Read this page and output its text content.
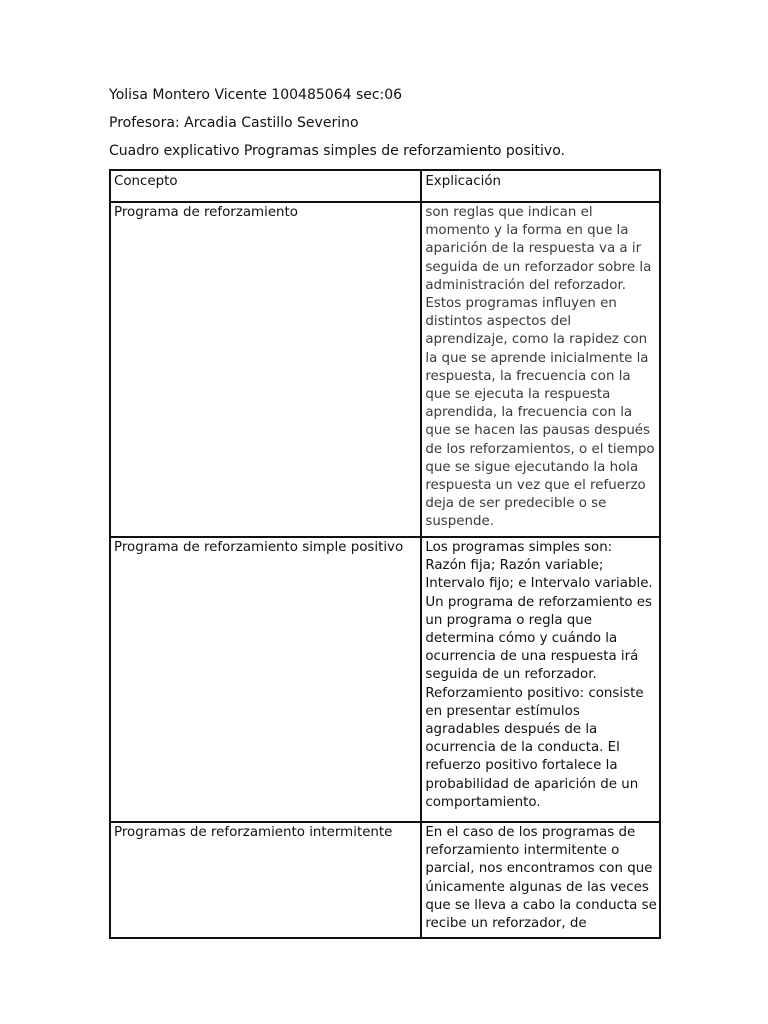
Yolisa Montero Vicente 100485064 sec:06
Profesora: Arcadia Castillo Severino
Cuadro explicativo Programas simples de reforzamiento positivo.
Concepto	Explicación

Programa de reforzamiento	son reglas que indican el momento y la forma en que la aparición de la respuesta va a ir seguida de un reforzador sobre la administración del reforzador. Estos programas influyen en distintos aspectos del aprendizaje, como la rapidez con la que se aprende inicialmente la respuesta, la frecuencia con la que se ejecuta la respuesta aprendida, la frecuencia con la que se hacen las pausas después de los reforzamientos, o el tiempo que se sigue ejecutando la hola respuesta un vez que el refuerzo deja de ser predecible o se suspende.

Programa de reforzamiento simple positivo	Los programas simples son: Razón fija; Razón variable; Intervalo fijo; e Intervalo variable. Un programa de reforzamiento es un programa o regla que determina cómo y cuándo la ocurrencia de una respuesta irá seguida de un reforzador. Reforzamiento positivo: consiste en presentar estímulos agradables después de la ocurrencia de la conducta. El refuerzo positivo fortalece la probabilidad de aparición de un comportamiento.

Programas de reforzamiento intermitente	En el caso de los programas de reforzamiento intermitente o parcial, nos encontramos con que únicamente algunas de las veces que se lleva a cabo la conducta se recibe un reforzador, de
